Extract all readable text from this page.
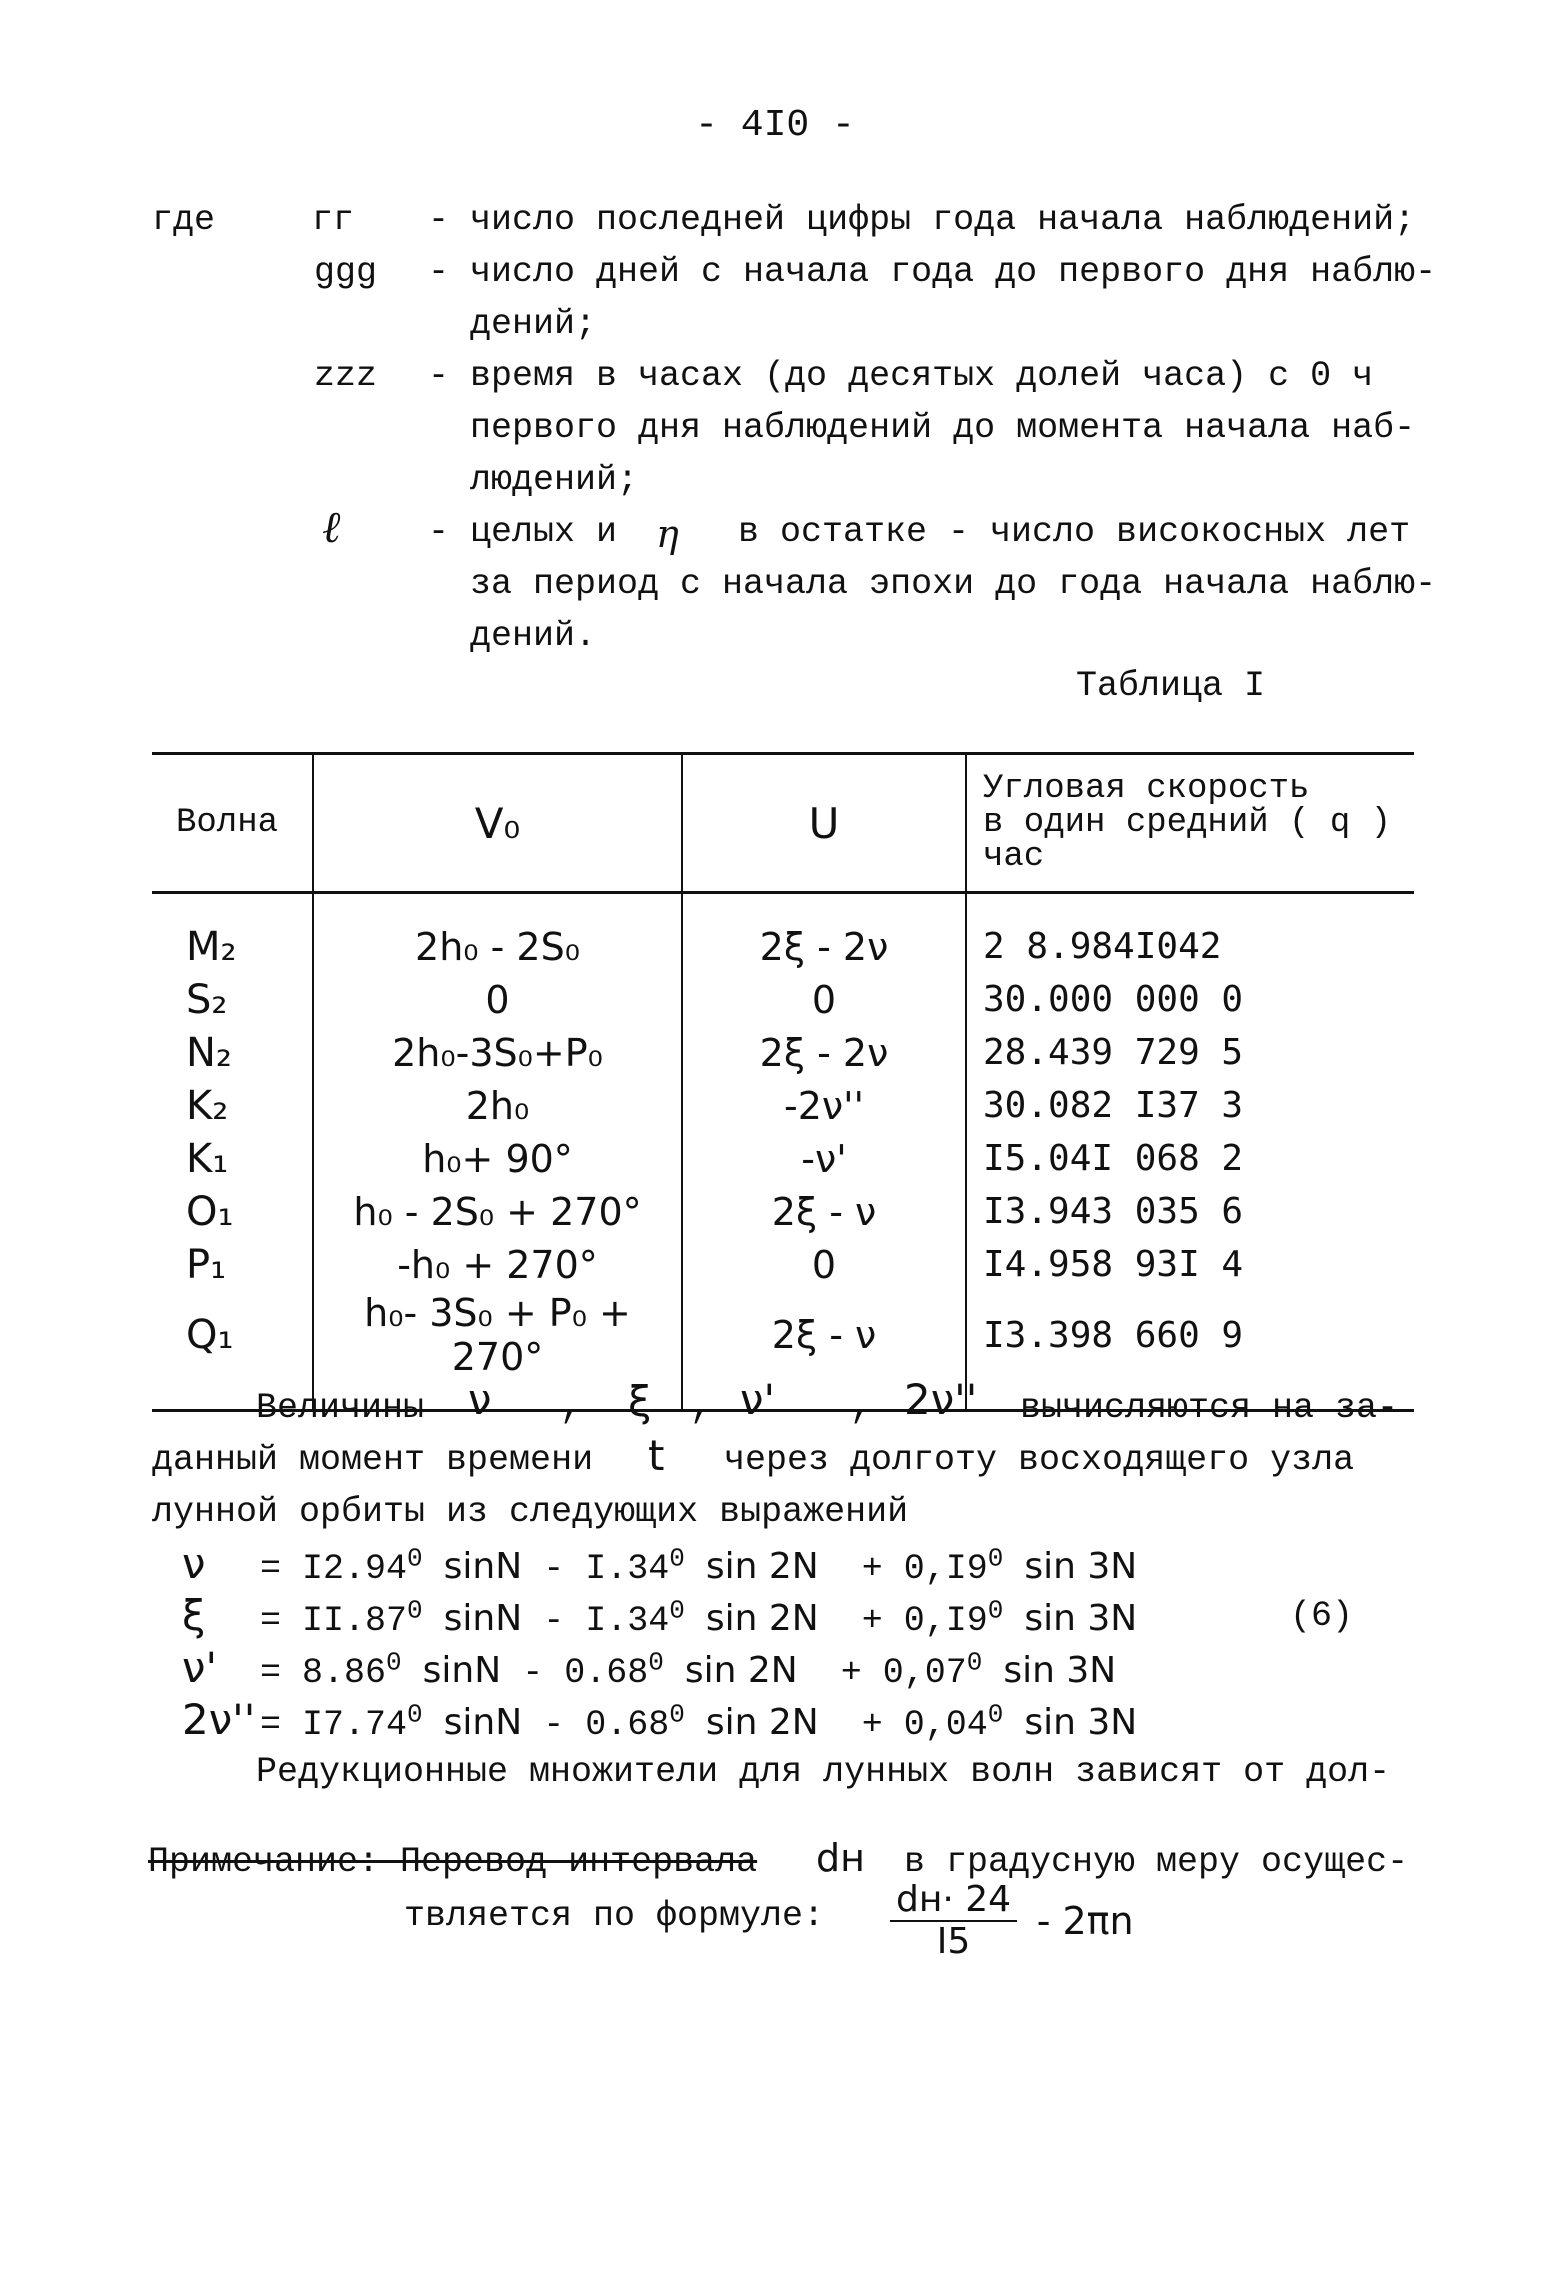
- 4I0 -
где	гг - число последней цифры года начала наблюдений;
ggg - число дней с начала года до первого дня наблю-
дений;
zzz - время в часах (до десятых долей часа) с 0 ч
первого дня наблюдений до момента начала наб-
людений;
ℓ	- целых и η в остатке - число високосных лет
за период с начала эпохи до года начала наблю-
дений.
Таблица I
Волна	V₀	U	Угловая скорость
в один средний ( q )
час

M₂	2h₀ - 2S₀	2ξ - 2ν	2 8.984I042
S₂	0	0	30.000 000 0
N₂	2h₀-3S₀+P₀	2ξ - 2ν	28.439 729 5
K₂	2h₀	-2ν''	30.082 I37 3
K₁	h₀+ 90°	-ν'	I5.04I 068 2
O₁	h₀ - 2S₀ + 270°	2ξ - ν	I3.943 035 6
P₁	-h₀ + 270°	0	I4.958 93I 4
Q₁	h₀- 3S₀ + P₀ + 270°	2ξ - ν	I3.398 660 9
Величины ν , ξ , ν' , 2ν'' вычисляются на за-
данный момент времени t через долготу восходящего узла
лунной орбиты из следующих выражений
$\nu = I2.94^0$ sinN - $I.34^0$ $\sin 2N + 0,I9^0$ sin 3N
$\xi = II.87^0$ sinN - $I.34^0$ $\sin 2N + 0,I9^0$ sin 3N	(6)
$\nu' = 8.86^0$ sinN - 0.68$^0$ $\sin 2N + 0,07^0$ sin 3N
$2\nu'' = I7.74^0$ sinN - 0.68$^0$ $\sin 2N + 0,04^0$ sin 3N
Редукционные множители для лунных волн зависят от дол-
Примечание: Перевод интервала dн в градусную меру осущес-
твляется по формуле: $\frac{dн\cdot 24}{I5} - 2\pi n$
